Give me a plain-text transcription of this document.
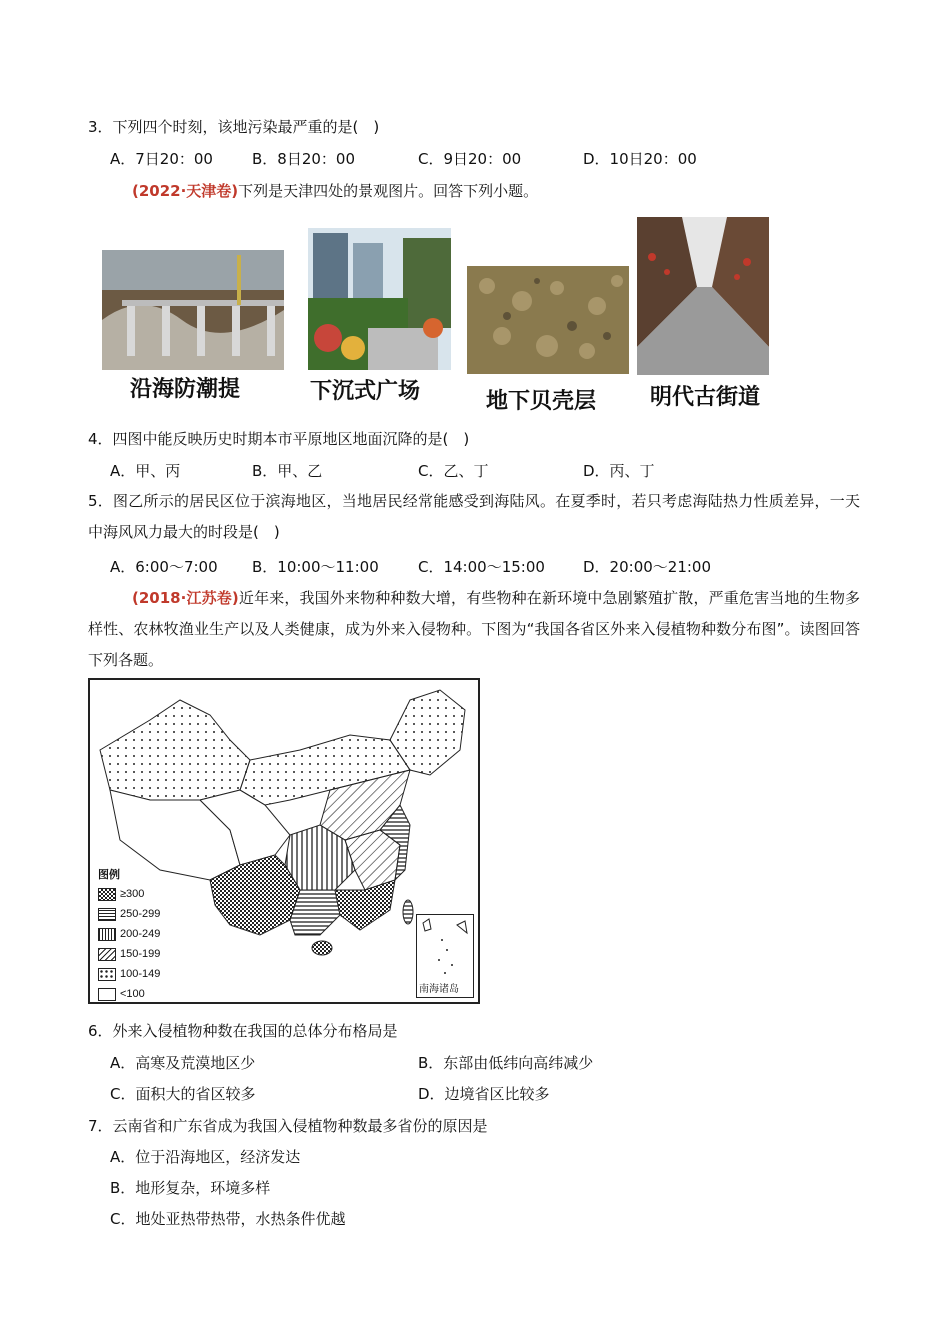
3．下列四个时刻，该地污染最严重的是(　)
A．7日20：00	B．8日20：00	C．9日20：00	D．10日20：00
(2022·天津卷)下列是天津四处的景观图片。回答下列小题。
沿海防潮提	下沉式广场	地下贝壳层 明代古街道
4．四图中能反映历史时期本市平原地区地面沉降的是(　)
A．甲、丙	B．甲、乙	C．乙、丁	D．丙、丁
5．图乙所示的居民区位于滨海地区，当地居民经常能感受到海陆风。在夏季时，若只考虑海陆热力性质差异，一天中海风风力最大的时段是(　)
A．6:00～7:00 B．10:00～11:00	C．14:00～15:00	D．20:00～21:00
(2018·江苏卷)近年来，我国外来物种种数大增，有些物种在新环境中急剧繁殖扩散，严重危害当地的生物多样性、农林牧渔业生产以及人类健康，成为外来入侵物种。下图为“我国各省区外来入侵植物种数分布图”。读图回答下列各题。
图例
≥300
250-299
200-249
150-199
100-149
<100	南海诸岛
6．外来入侵植物种数在我国的总体分布格局是
A．高寒及荒漠地区少	B．东部由低纬向高纬减少
C．面积大的省区较多	D．边境省区比较多
7．云南省和广东省成为我国入侵植物种数最多省份的原因是
A．位于沿海地区，经济发达
B．地形复杂，环境多样
C．地处亚热带热带，水热条件优越
